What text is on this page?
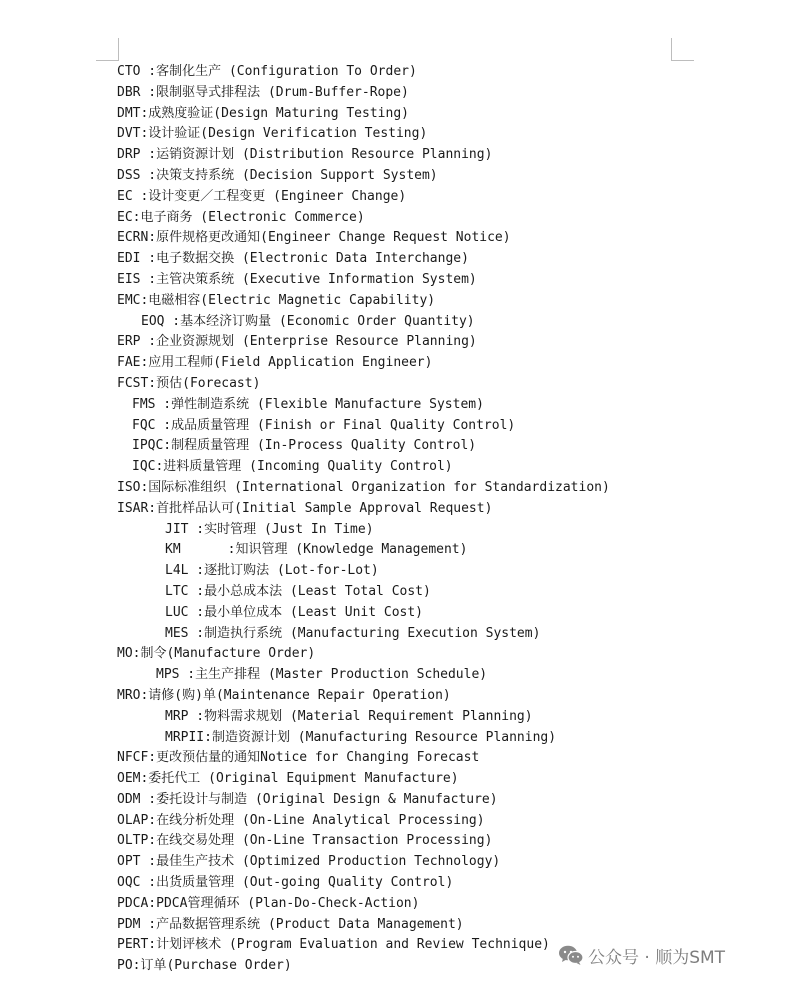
CTO :客制化生产 (Configuration To Order)
DBR :限制驱导式排程法 (Drum-Buffer-Rope)
DMT:成熟度验证(Design Maturing Testing)
DVT:设计验证(Design Verification Testing)
DRP :运销资源计划 (Distribution Resource Planning)
DSS :决策支持系统 (Decision Support System)
EC :设计变更／工程变更 (Engineer Change)
EC:电子商务 (Electronic Commerce)
ECRN:原件规格更改通知(Engineer Change Request Notice)
EDI :电子数据交换 (Electronic Data Interchange)
EIS :主管决策系统 (Executive Information System)
EMC:电磁相容(Electric Magnetic Capability)
EOQ :基本经济订购量 (Economic Order Quantity)
ERP :企业资源规划 (Enterprise Resource Planning)
FAE:应用工程师(Field Application Engineer)
FCST:预估(Forecast)
FMS :弹性制造系统 (Flexible Manufacture System)
FQC :成品质量管理 (Finish or Final Quality Control)
IPQC:制程质量管理 (In-Process Quality Control)
IQC:进料质量管理 (Incoming Quality Control)
ISO:国际标准组织 (International Organization for Standardization)
ISAR:首批样品认可(Initial Sample Approval Request)
JIT :实时管理 (Just In Time)
KM      :知识管理 (Knowledge Management)
L4L :逐批订购法 (Lot-for-Lot)
LTC :最小总成本法 (Least Total Cost)
LUC :最小单位成本 (Least Unit Cost)
MES :制造执行系统 (Manufacturing Execution System)
MO:制令(Manufacture Order)
MPS :主生产排程 (Master Production Schedule)
MRO:请修(购)单(Maintenance Repair Operation)
MRP :物料需求规划 (Material Requirement Planning)
MRPII:制造资源计划 (Manufacturing Resource Planning)
NFCF:更改预估量的通知Notice for Changing Forecast
OEM:委托代工 (Original Equipment Manufacture)
ODM :委托设计与制造 (Original Design & Manufacture)
OLAP:在线分析处理 (On-Line Analytical Processing)
OLTP:在线交易处理 (On-Line Transaction Processing)
OPT :最佳生产技术 (Optimized Production Technology)
OQC :出货质量管理 (Out-going Quality Control)
PDCA:PDCA管理循环 (Plan-Do-Check-Action)
PDM :产品数据管理系统 (Product Data Management)
PERT:计划评核术 (Program Evaluation and Review Technique)
PO:订单(Purchase Order)	公众号 · 顺为SMT
